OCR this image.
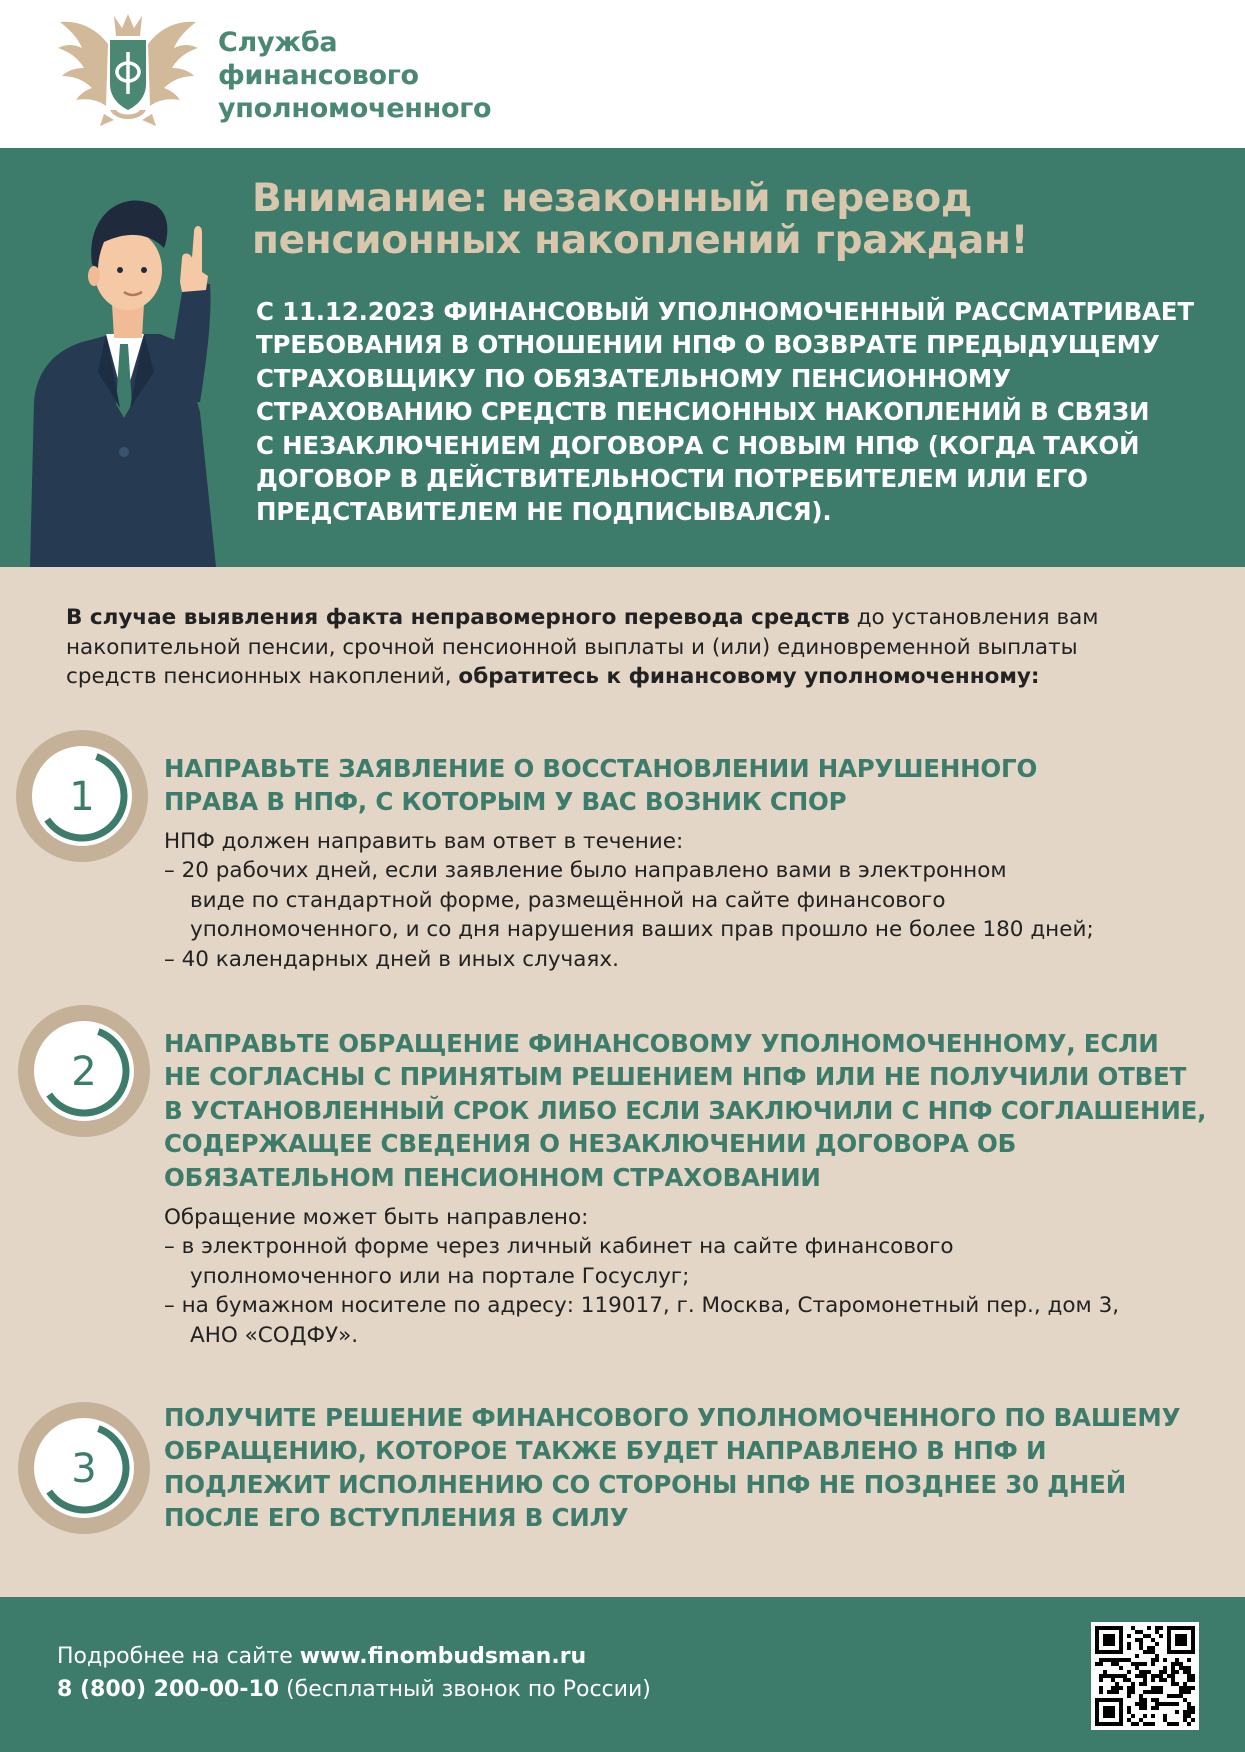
Служба
финансового
уполномоченного
Внимание: незаконный перевод
пенсионных накоплений граждан!
С 11.12.2023 ФИНАНСОВЫЙ УПОЛНОМОЧЕННЫЙ РАССМАТРИВАЕТ
ТРЕБОВАНИЯ В ОТНОШЕНИИ НПФ О ВОЗВРАТЕ ПРЕДЫДУЩЕМУ
СТРАХОВЩИКУ ПО ОБЯЗАТЕЛЬНОМУ ПЕНСИОННОМУ
СТРАХОВАНИЮ СРЕДСТВ ПЕНСИОННЫХ НАКОПЛЕНИЙ В СВЯЗИ
С НЕЗАКЛЮЧЕНИЕМ ДОГОВОРА С НОВЫМ НПФ (КОГДА ТАКОЙ
ДОГОВОР В ДЕЙСТВИТЕЛЬНОСТИ ПОТРЕБИТЕЛЕМ ИЛИ ЕГО
ПРЕДСТАВИТЕЛЕМ НЕ ПОДПИСЫВАЛСЯ).
В случае выявления факта неправомерного перевода средств до установления вам
накопительной пенсии, срочной пенсионной выплаты и (или) единовременной выплаты
средств пенсионных накоплений, обратитесь к финансовому уполномоченному:
1
НАПРАВЬТЕ ЗАЯВЛЕНИЕ О ВОССТАНОВЛЕНИИ НАРУШЕННОГО
ПРАВА В НПФ, С КОТОРЫМ У ВАС ВОЗНИК СПОР
НПФ должен направить вам ответ в течение:
– 20 рабочих дней, если заявление было направлено вами в электронном
виде по стандартной форме, размещённой на сайте финансового
уполномоченного, и со дня нарушения ваших прав прошло не более 180 дней;
– 40 календарных дней в иных случаях.
2
НАПРАВЬТЕ ОБРАЩЕНИЕ ФИНАНСОВОМУ УПОЛНОМОЧЕННОМУ, ЕСЛИ
НЕ СОГЛАСНЫ С ПРИНЯТЫМ РЕШЕНИЕМ НПФ ИЛИ НЕ ПОЛУЧИЛИ ОТВЕТ
В УСТАНОВЛЕННЫЙ СРОК ЛИБО ЕСЛИ ЗАКЛЮЧИЛИ С НПФ СОГЛАШЕНИЕ,
СОДЕРЖАЩЕЕ СВЕДЕНИЯ О НЕЗАКЛЮЧЕНИИ ДОГОВОРА ОБ
ОБЯЗАТЕЛЬНОМ ПЕНСИОННОМ СТРАХОВАНИИ
Обращение может быть направлено:
– в электронной форме через личный кабинет на сайте финансового
уполномоченного или на портале Госуслуг;
– на бумажном носителе по адресу: 119017, г. Москва, Старомонетный пер., дом 3,
АНО «СОДФУ».
3
ПОЛУЧИТЕ РЕШЕНИЕ ФИНАНСОВОГО УПОЛНОМОЧЕННОГО ПО ВАШЕМУ
ОБРАЩЕНИЮ, КОТОРОЕ ТАКЖЕ БУДЕТ НАПРАВЛЕНО В НПФ И
ПОДЛЕЖИТ ИСПОЛНЕНИЮ СО СТОРОНЫ НПФ НЕ ПОЗДНЕЕ 30 ДНЕЙ
ПОСЛЕ ЕГО ВСТУПЛЕНИЯ В СИЛУ
Подробнее на сайте www.finombudsman.ru
8 (800) 200-00-10 (бесплатный звонок по России)
